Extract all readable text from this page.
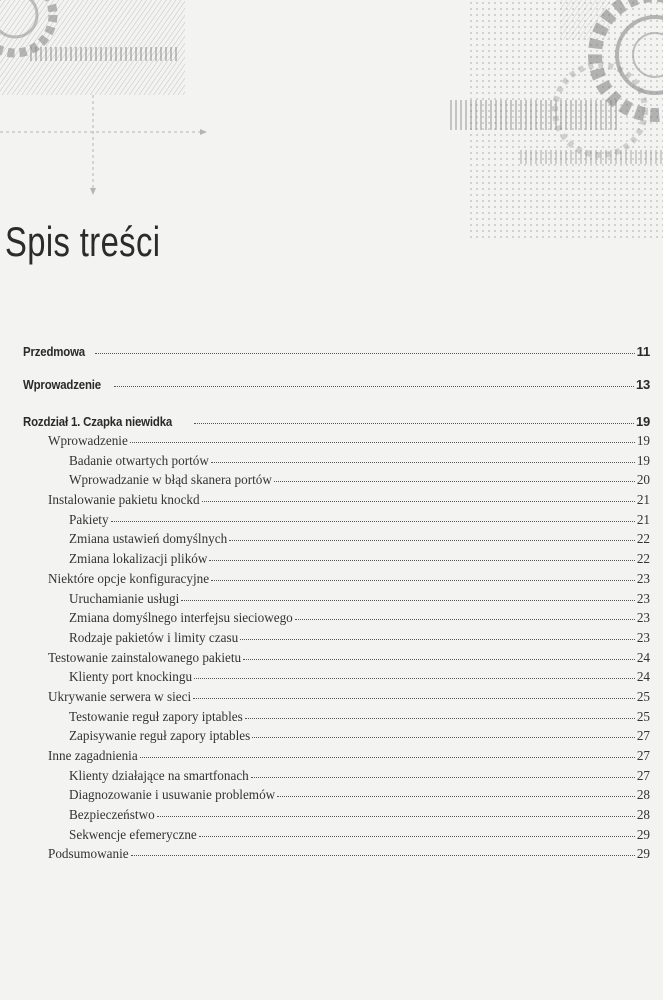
Spis treści
Przedmowa	11
Wprowadzenie	13
Rozdział 1. Czapka niewidka	19
Wprowadzenie	19
Badanie otwartych portów	19
Wprowadzanie w błąd skanera portów	20
Instalowanie pakietu knockd	21
Pakiety	21
Zmiana ustawień domyślnych	22
Zmiana lokalizacji plików	22
Niektóre opcje konfiguracyjne	23
Uruchamianie usługi	23
Zmiana domyślnego interfejsu sieciowego	23
Rodzaje pakietów i limity czasu	23
Testowanie zainstalowanego pakietu	24
Klienty port knockingu	24
Ukrywanie serwera w sieci	25
Testowanie reguł zapory iptables	25
Zapisywanie reguł zapory iptables	27
Inne zagadnienia	27
Klienty działające na smartfonach	27
Diagnozowanie i usuwanie problemów	28
Bezpieczeństwo	28
Sekwencje efemeryczne	29
Podsumowanie	29
